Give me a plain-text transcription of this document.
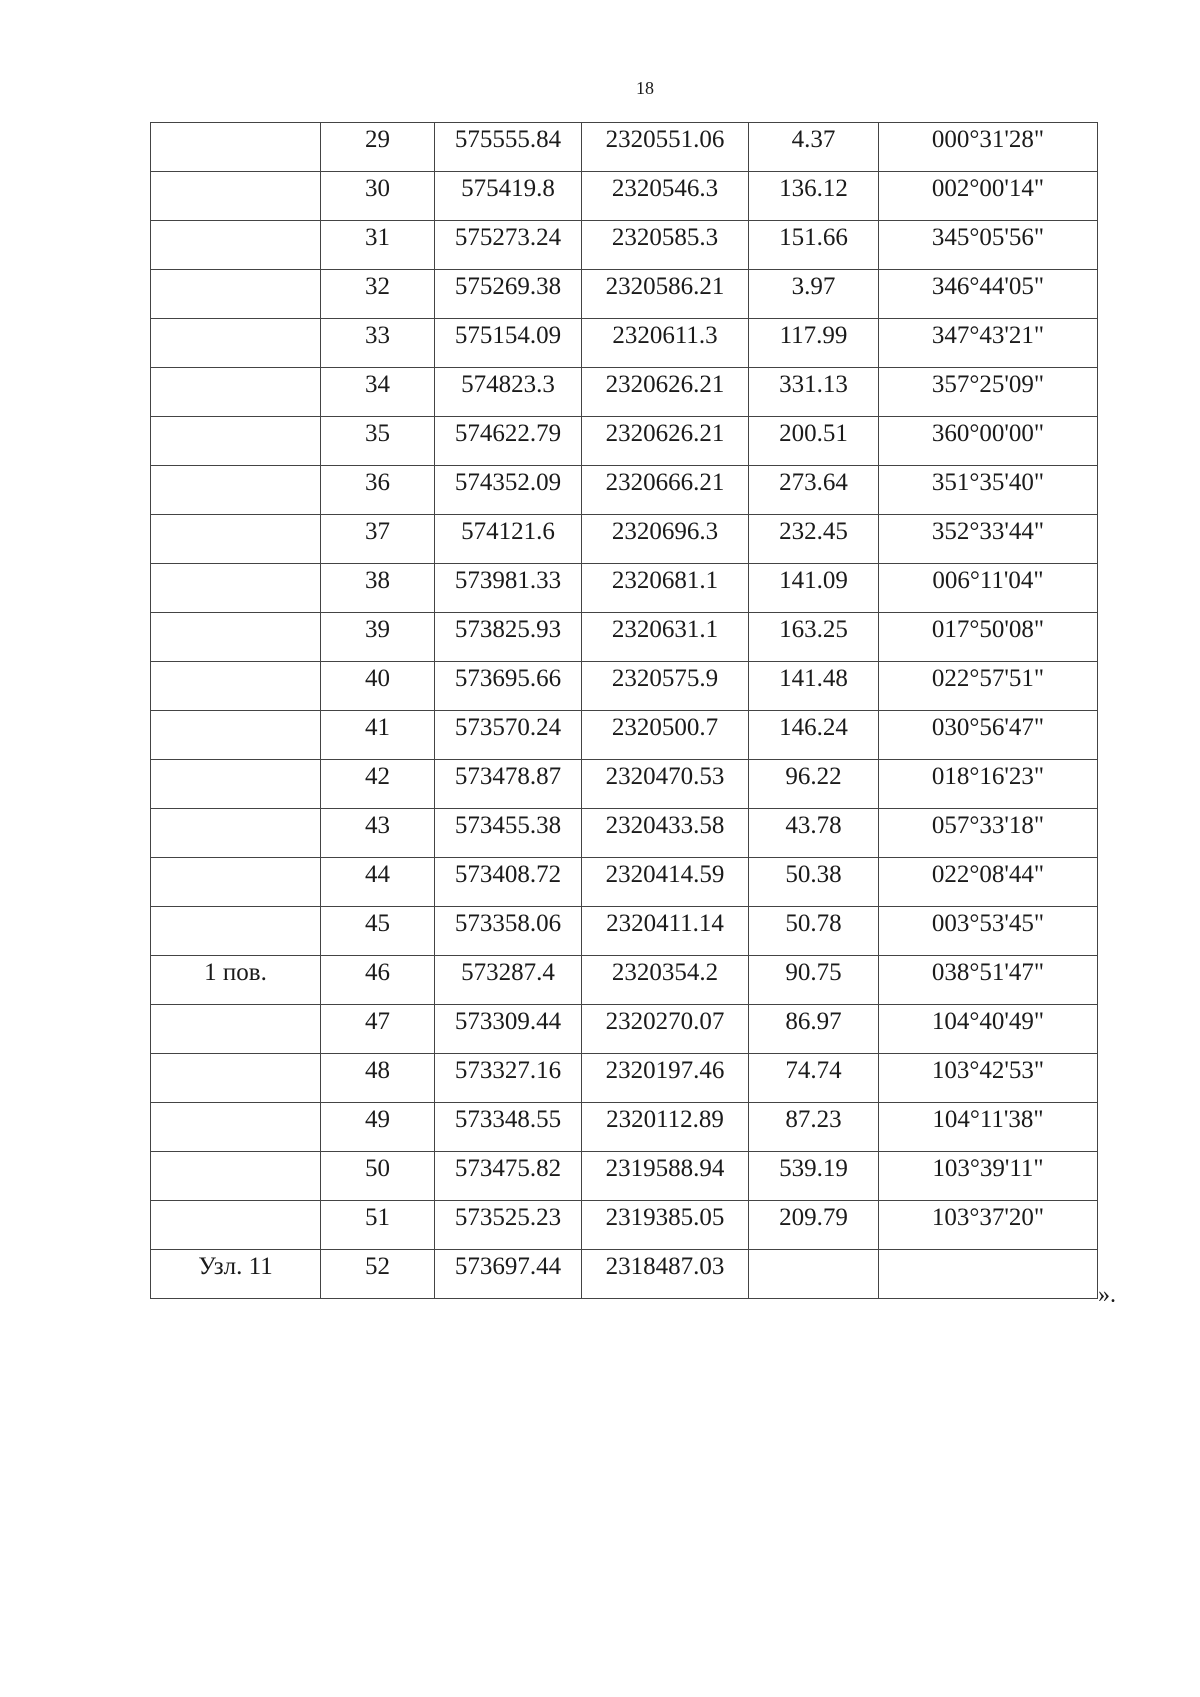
18
	29	575555.84	2320551.06	4.37	000°31'28"
	30	575419.8	2320546.3	136.12	002°00'14"
	31	575273.24	2320585.3	151.66	345°05'56"
	32	575269.38	2320586.21	3.97	346°44'05"
	33	575154.09	2320611.3	117.99	347°43'21"
	34	574823.3	2320626.21	331.13	357°25'09"
	35	574622.79	2320626.21	200.51	360°00'00"
	36	574352.09	2320666.21	273.64	351°35'40"
	37	574121.6	2320696.3	232.45	352°33'44"
	38	573981.33	2320681.1	141.09	006°11'04"
	39	573825.93	2320631.1	163.25	017°50'08"
	40	573695.66	2320575.9	141.48	022°57'51"
	41	573570.24	2320500.7	146.24	030°56'47"
	42	573478.87	2320470.53	96.22	018°16'23"
	43	573455.38	2320433.58	43.78	057°33'18"
	44	573408.72	2320414.59	50.38	022°08'44"
	45	573358.06	2320411.14	50.78	003°53'45"
1 пов.	46	573287.4	2320354.2	90.75	038°51'47"
	47	573309.44	2320270.07	86.97	104°40'49"
	48	573327.16	2320197.46	74.74	103°42'53"
	49	573348.55	2320112.89	87.23	104°11'38"
	50	573475.82	2319588.94	539.19	103°39'11"
	51	573525.23	2319385.05	209.79	103°37'20"
Узл. 11	52	573697.44	2318487.03		
».
